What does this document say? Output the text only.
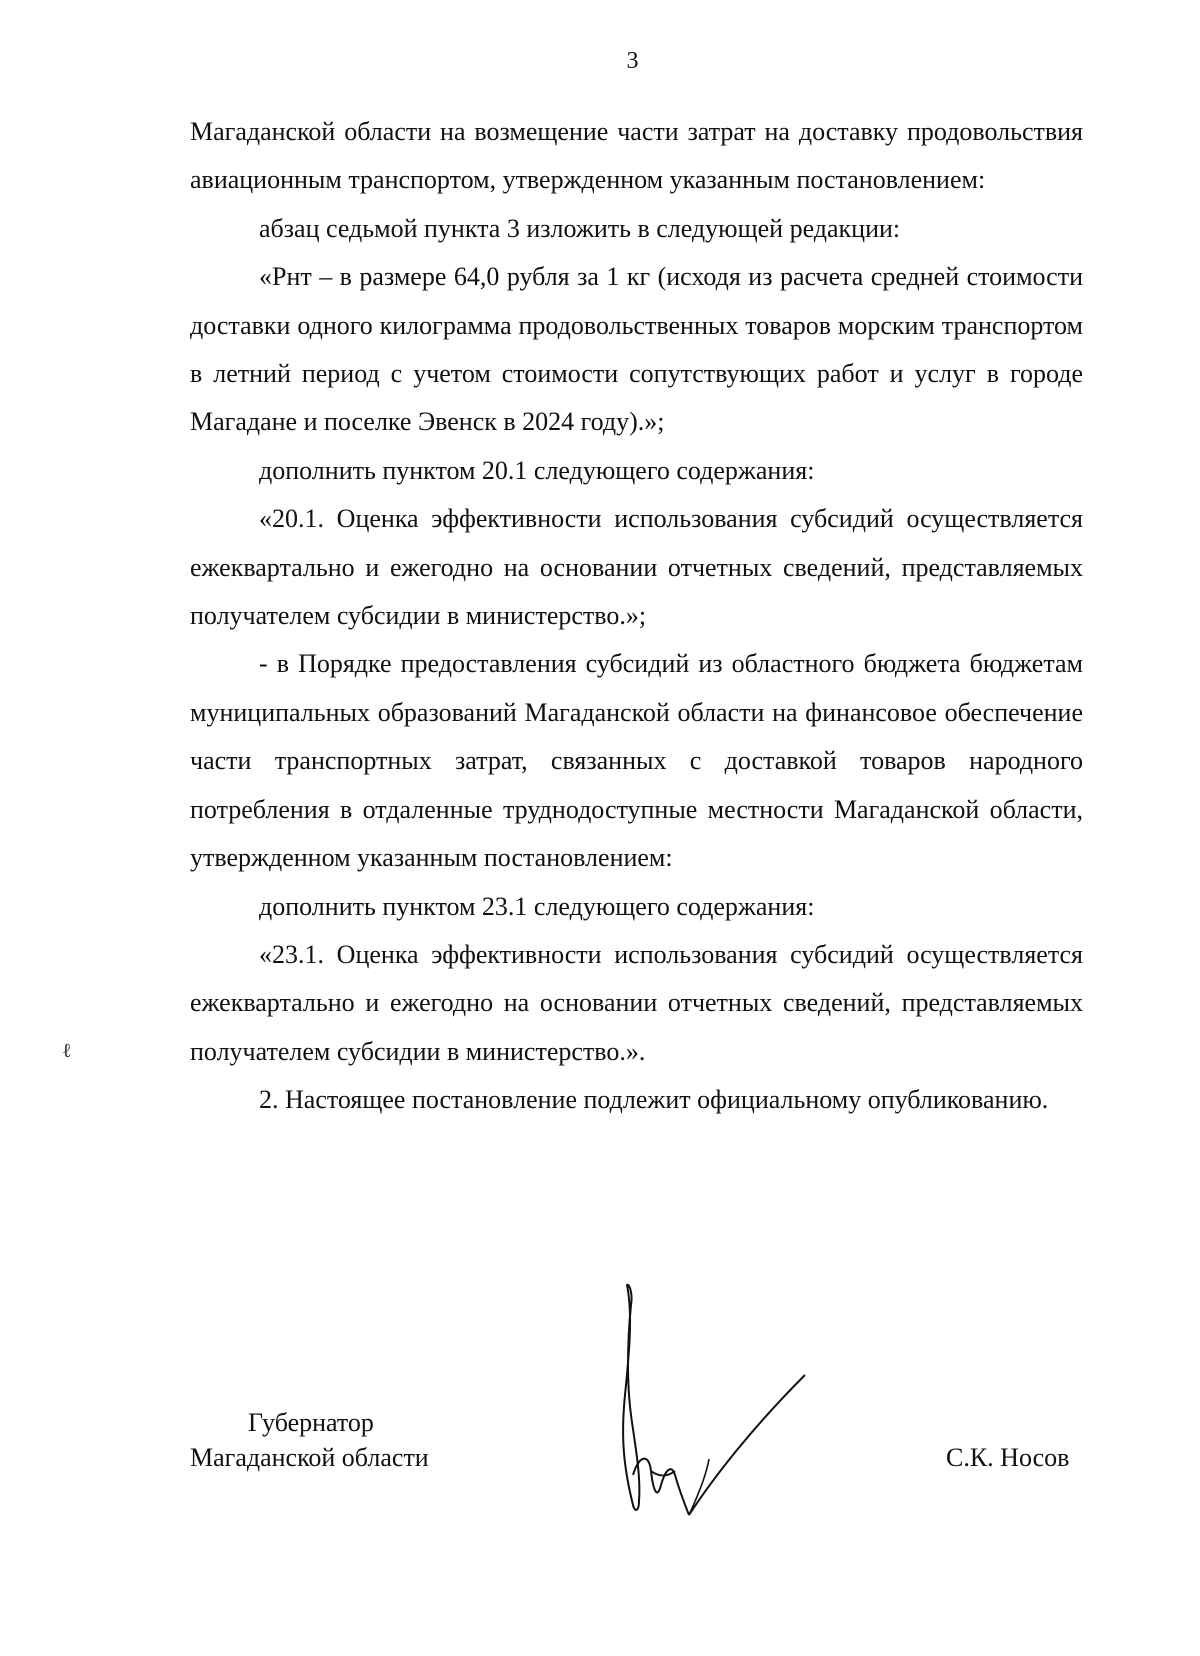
3

Магаданской области на возмещение части затрат на доставку продовольствия авиационным транспортом, утвержденном указанным постановлением:

абзац седьмой пункта 3 изложить в следующей редакции:

«Рнт – в размере 64,0 рубля за 1 кг (исходя из расчета средней стоимости доставки одного килограмма продовольственных товаров морским транспортом в летний период с учетом стоимости сопутствующих работ и услуг в городе Магадане и поселке Эвенск в 2024 году).»;

дополнить пунктом 20.1 следующего содержания:

«20.1. Оценка эффективности использования субсидий осуществляется ежеквартально и ежегодно на основании отчетных сведений, представляемых получателем субсидии в министерство.»;

- в Порядке предоставления субсидий из областного бюджета бюджетам муниципальных образований Магаданской области на финансовое обеспечение части транспортных затрат, связанных с доставкой товаров народного потребления в отдаленные труднодоступные местности Магаданской области, утвержденном указанным постановлением:

дополнить пунктом 23.1 следующего содержания:

«23.1. Оценка эффективности использования субсидий осуществляется ежеквартально и ежегодно на основании отчетных сведений, представляемых получателем субсидии в министерство.».

2. Настоящее постановление подлежит официальному опубликованию.

ℓ
Губернатор
Магаданской области	С.К. Носов
